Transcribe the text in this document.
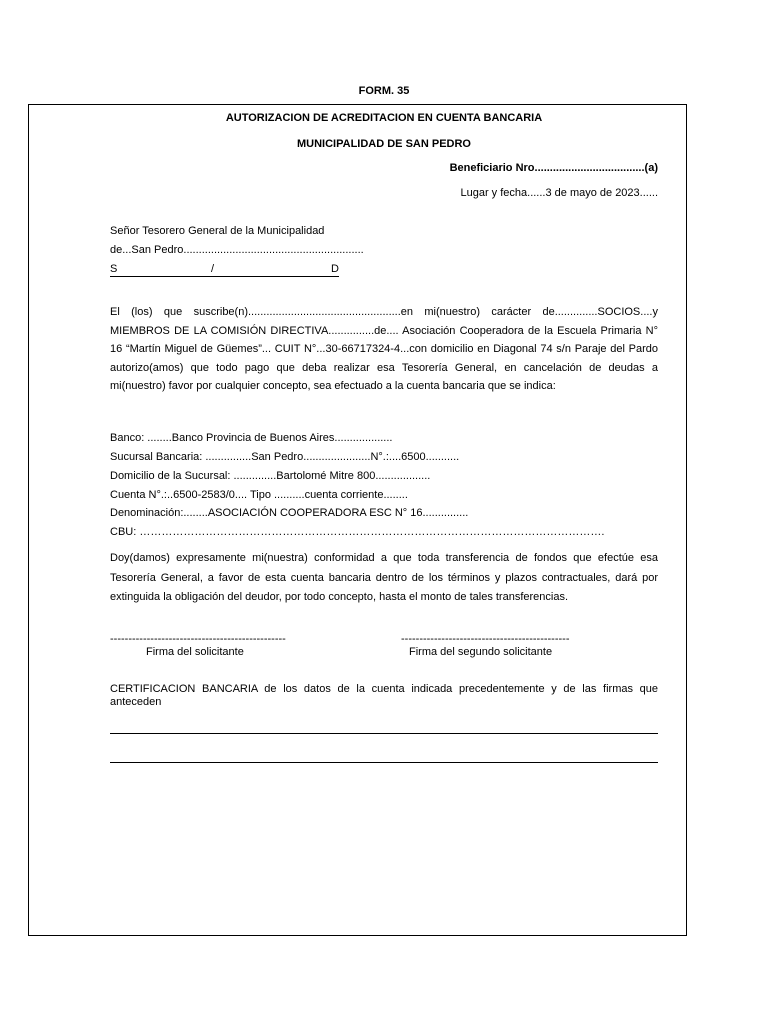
FORM. 35
AUTORIZACION DE ACREDITACION EN CUENTA BANCARIA
MUNICIPALIDAD DE SAN PEDRO
Beneficiario Nro....................................(a)
Lugar y fecha......3 de mayo de 2023......
Señor Tesorero General de la Municipalidad
de...San Pedro...........................................................
S	/	D
El (los) que suscribe(n)..................................................en mi(nuestro) carácter de..............SOCIOS....y MIEMBROS DE LA COMISIÓN DIRECTIVA...............de.... Asociación Cooperadora de la Escuela Primaria N° 16 “Martín Miguel de Güemes”... CUIT N°...30-66717324-4...con domicilio en Diagonal 74 s/n Paraje del Pardo autorizo(amos) que todo pago que deba realizar esa Tesorería General, en cancelación de deudas a mi(nuestro) favor por cualquier concepto, sea efectuado a la cuenta bancaria que se indica:
Banco: ........Banco Provincia de Buenos Aires...................
Sucursal Bancaria: ...............San Pedro......................N°.:....6500...........
Domicilio de la Sucursal: ..............Bartolomé Mitre 800..................
Cuenta N°.:..6500-2583/0.... Tipo ..........cuenta corriente........
Denominación:........ASOCIACIÓN COOPERADORA ESC N° 16...............
CBU: ……………………………………………………………………………………………………………….
Doy(damos) expresamente mi(nuestra) conformidad a que toda transferencia de fondos que efectúe esa Tesorería General, a favor de esta cuenta bancaria dentro de los términos y plazos contractuales, dará por extinguida la obligación del deudor, por todo concepto, hasta el monto de tales transferencias.
------------------------------------------------
Firma del solicitante
----------------------------------------------
Firma del segundo solicitante
CERTIFICACION BANCARIA de los datos de la cuenta indicada precedentemente y de las firmas que anteceden
